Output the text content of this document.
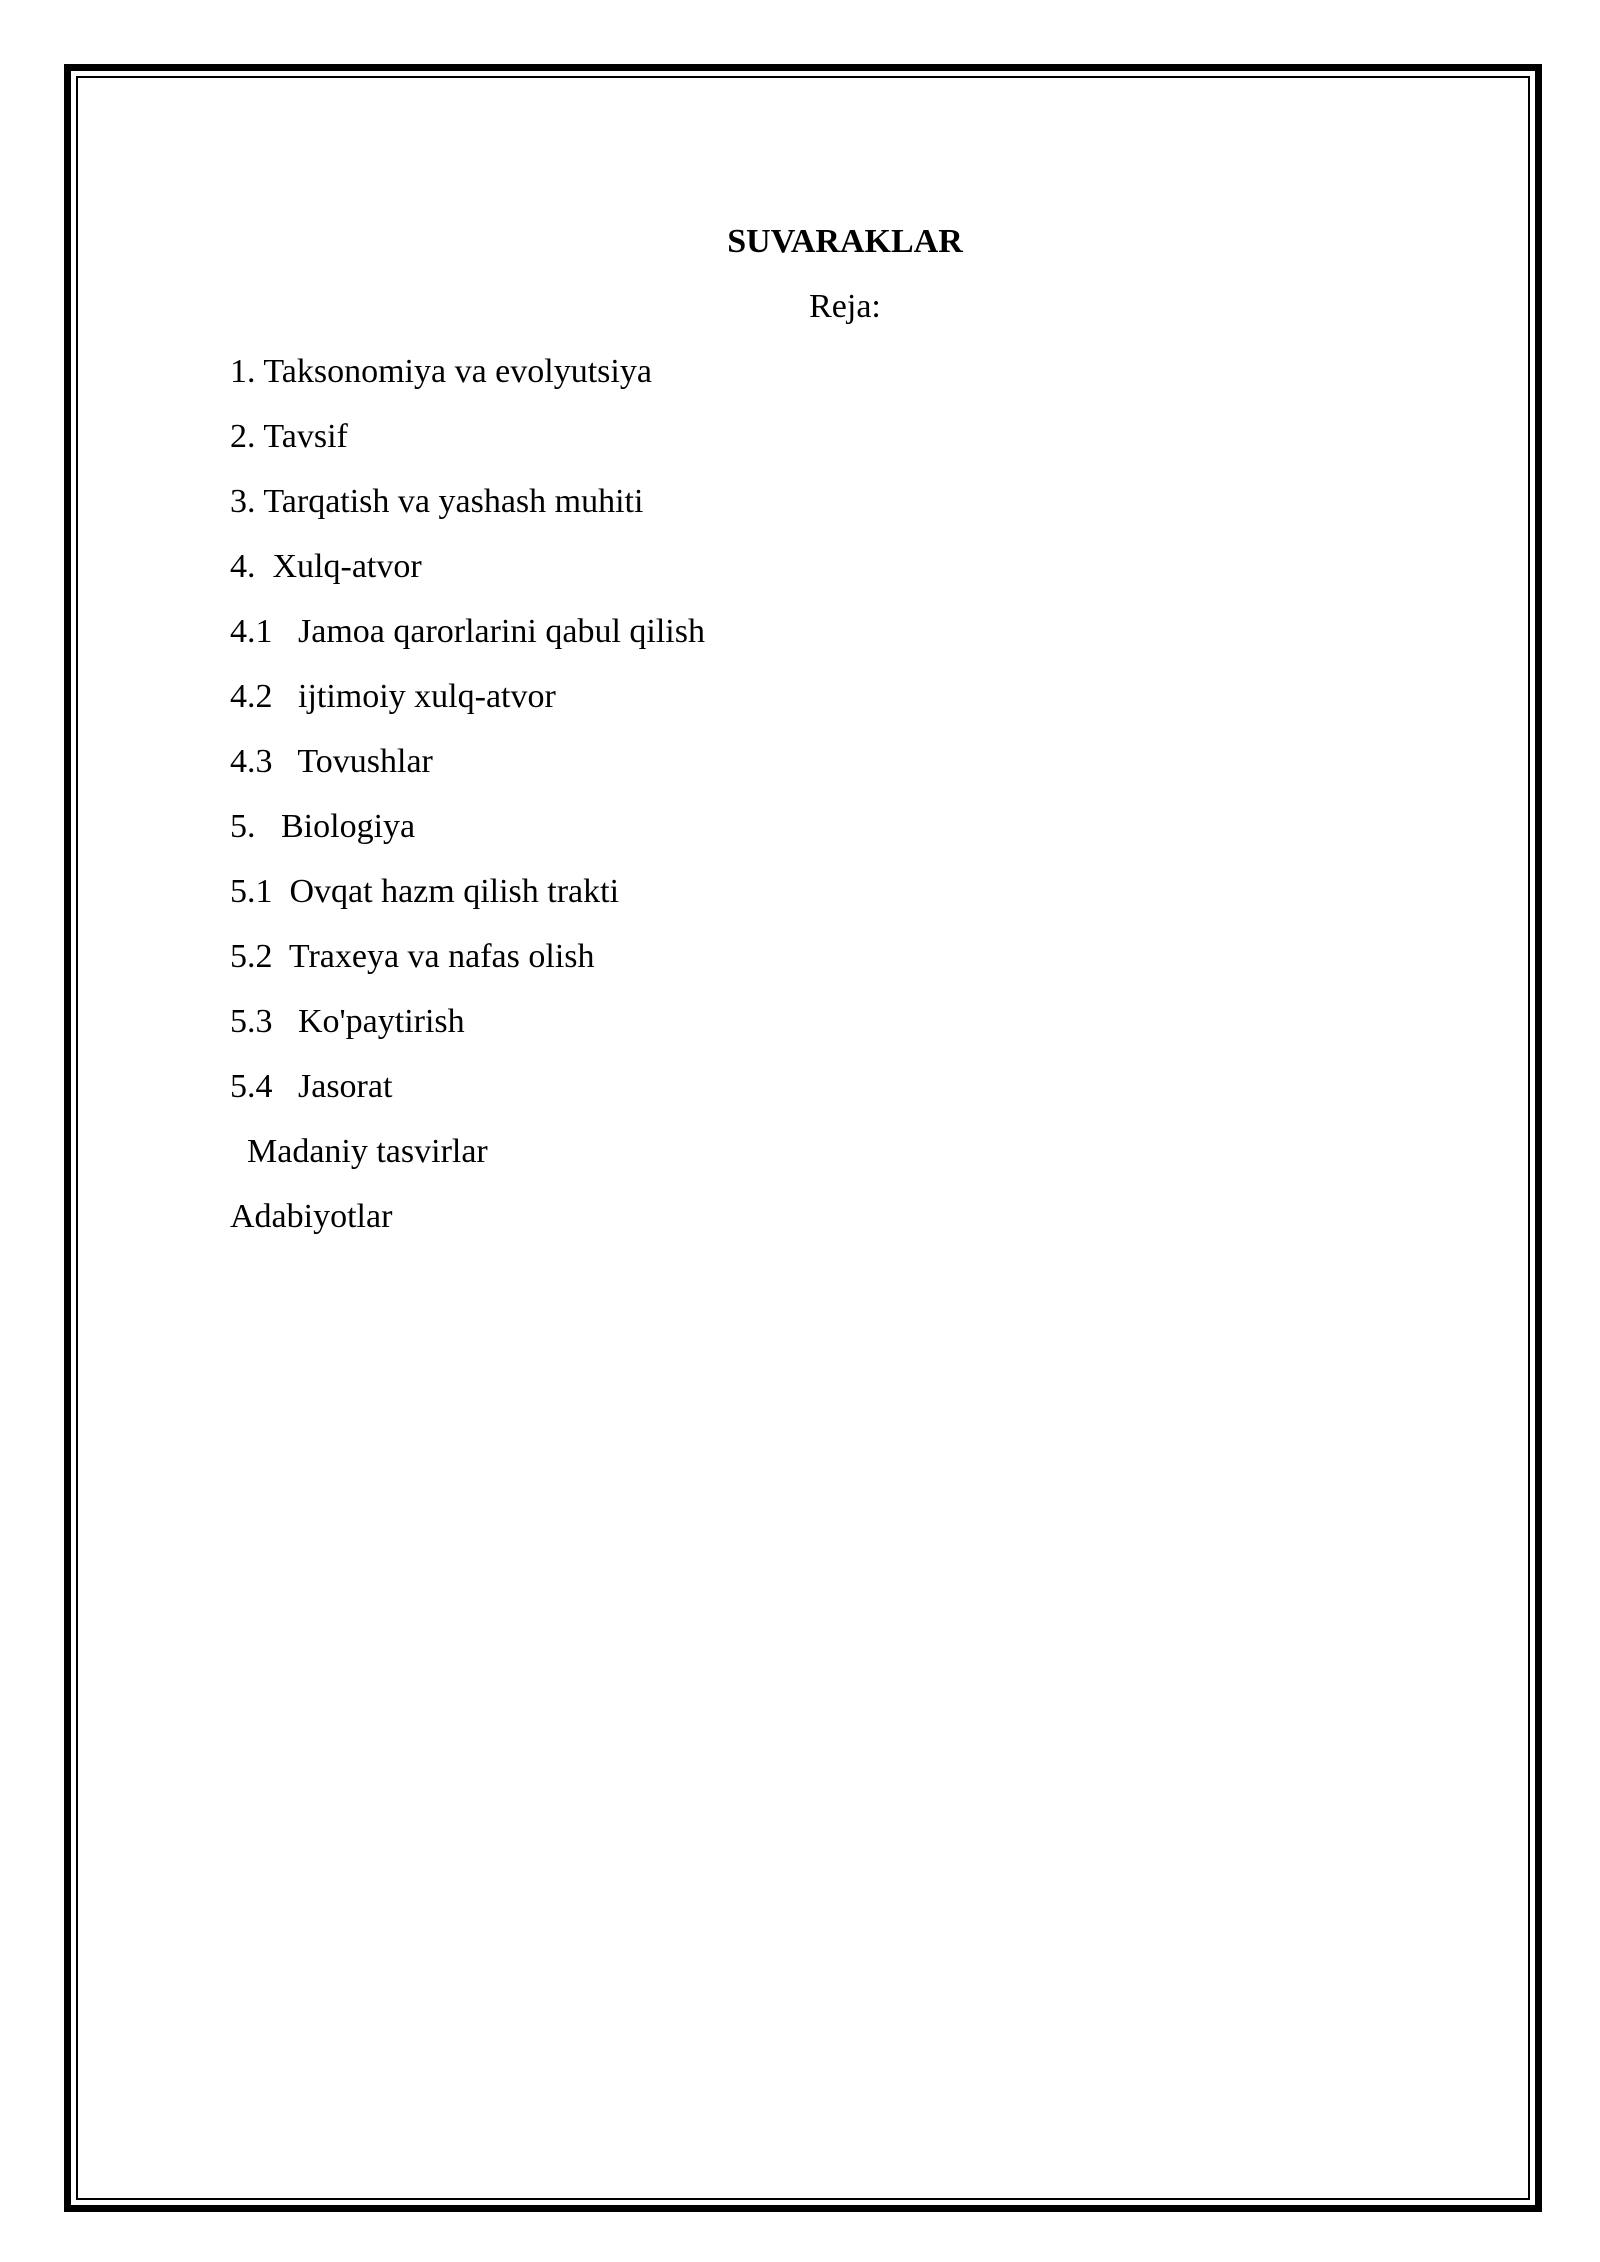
SUVARAKLAR
Reja:
1. Taksonomiya va evolyutsiya
2. Tavsif
3. Tarqatish va yashash muhiti
4.  Xulq-atvor
4.1   Jamoa qarorlarini qabul qilish
4.2   ijtimoiy xulq-atvor
4.3   Tovushlar
5.   Biologiya
5.1  Ovqat hazm qilish trakti
5.2  Traxeya va nafas olish
5.3   Ko'paytirish
5.4   Jasorat
Madaniy tasvirlar
Adabiyotlar
